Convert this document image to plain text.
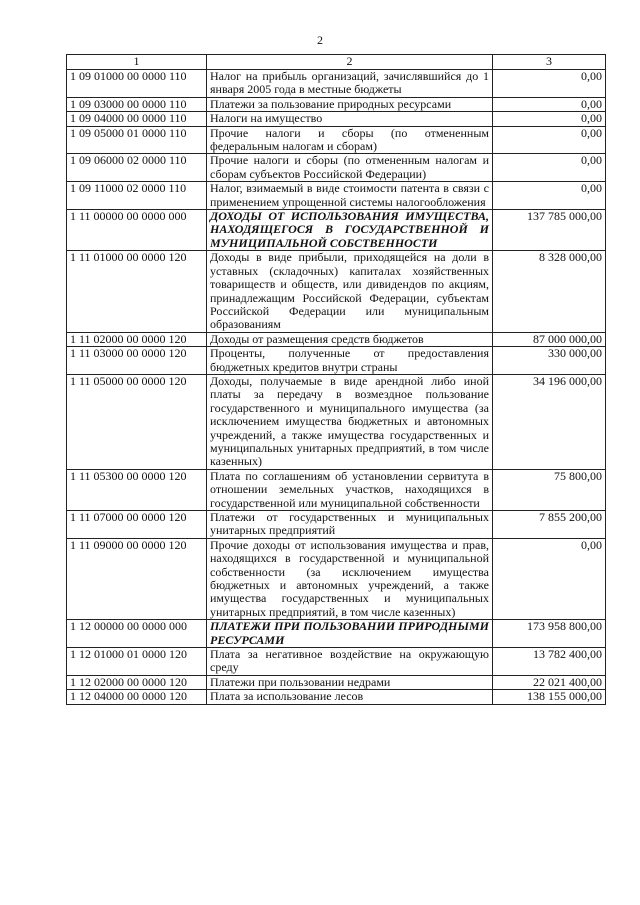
2
1	2	3
1 09 01000 00 0000 110	Налог на прибыль организаций, зачислявшийся до 1 января 2005 года в местные бюджеты	0,00
1 09 03000 00 0000 110	Платежи за пользование природных ресурсами	0,00
1 09 04000 00 0000 110	Налоги на имущество	0,00
1 09 05000 01 0000 110	Прочие налоги и сборы (по отмененным федеральным налогам и сборам)	0,00
1 09 06000 02 0000 110	Прочие налоги и сборы (по отмененным налогам и сборам субъектов Российской Федерации)	0,00
1 09 11000 02 0000 110	Налог, взимаемый в виде стоимости патента в связи с применением упрощенной системы налогообложения	0,00
1 11 00000 00 0000 000	ДОХОДЫ ОТ ИСПОЛЬЗОВАНИЯ ИМУЩЕСТВА, НАХОДЯЩЕГОСЯ В ГОСУДАРСТВЕННОЙ И МУНИЦИПАЛЬНОЙ СОБСТВЕННОСТИ	137 785 000,00
1 11 01000 00 0000 120	Доходы в виде прибыли, приходящейся на доли в уставных (складочных) капиталах хозяйственных товариществ и обществ, или дивидендов по акциям, принадлежащим Российской Федерации, субъектам Российской Федерации или муниципальным образованиям	8 328 000,00
1 11 02000 00 0000 120	Доходы от размещения средств бюджетов	87 000 000,00
1 11 03000 00 0000 120	Проценты, полученные от предоставления бюджетных кредитов внутри страны	330 000,00
1 11 05000 00 0000 120	Доходы, получаемые в виде арендной либо иной платы за передачу в возмездное пользование государственного и муниципального имущества (за исключением имущества бюджетных и автономных учреждений, а также имущества государственных и муниципальных унитарных предприятий, в том числе казенных)	34 196 000,00
1 11 05300 00 0000 120	Плата по соглашениям об установлении сервитута в отношении земельных участков, находящихся в государственной или муниципальной собственности	75 800,00
1 11 07000 00 0000 120	Платежи от государственных и муниципальных унитарных предприятий	7 855 200,00
1 11 09000 00 0000 120	Прочие доходы от использования имущества и прав, находящихся в государственной и муниципальной собственности (за исключением имущества бюджетных и автономных учреждений, а также имущества государственных и муниципальных унитарных предприятий, в том числе казенных)	0,00
1 12 00000 00 0000 000	ПЛАТЕЖИ ПРИ ПОЛЬЗОВАНИИ ПРИРОДНЫМИ РЕСУРСАМИ	173 958 800,00
1 12 01000 01 0000 120	Плата за негативное воздействие на окружающую среду	13 782 400,00
1 12 02000 00 0000 120	Платежи при пользовании недрами	22 021 400,00
1 12 04000 00 0000 120	Плата за использование лесов	138 155 000,00
